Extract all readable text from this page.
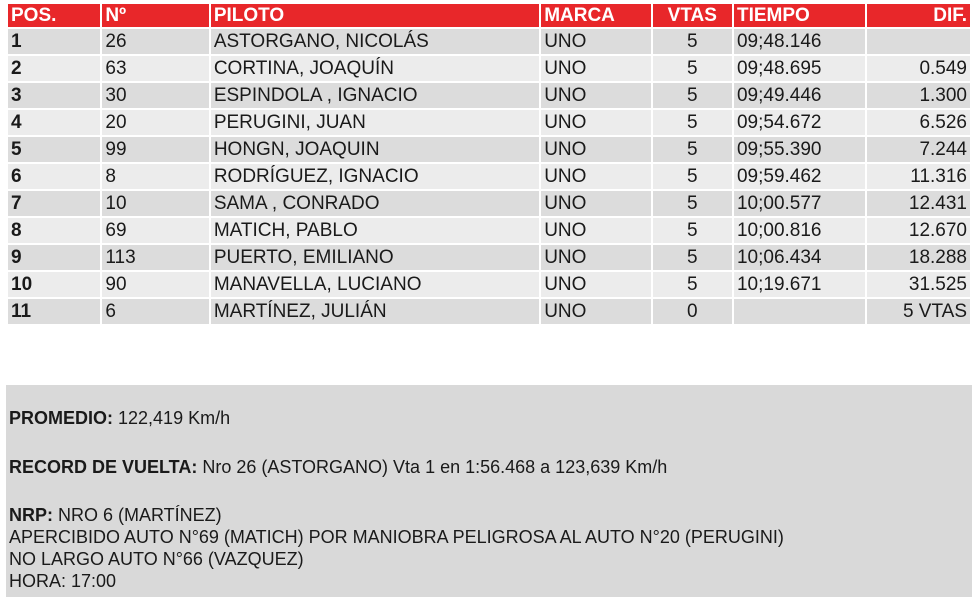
POS.	Nº	PILOTO	MARCA	VTAS	TIEMPO	DIF.
1	26	ASTORGANO, NICOLÁS	UNO	5	09;48.146	
2	63	CORTINA, JOAQUÍN	UNO	5	09;48.695	0.549
3	30	ESPINDOLA , IGNACIO	UNO	5	09;49.446	1.300
4	20	PERUGINI, JUAN	UNO	5	09;54.672	6.526
5	99	HONGN, JOAQUIN	UNO	5	09;55.390	7.244
6	8	RODRÍGUEZ, IGNACIO	UNO	5	09;59.462	11.316
7	10	SAMA , CONRADO	UNO	5	10;00.577	12.431
8	69	MATICH, PABLO	UNO	5	10;00.816	12.670
9	113	PUERTO, EMILIANO	UNO	5	10;06.434	18.288
10	90	MANAVELLA, LUCIANO	UNO	5	10;19.671	31.525
11	6	MARTÍNEZ, JULIÁN	UNO	0		5 VTAS

PROMEDIO: 122,419 Km/h

RECORD DE VUELTA: Nro 26 (ASTORGANO) Vta 1 en 1:56.468 a 123,639 Km/h

NRP: NRO 6 (MARTÍNEZ)

APERCIBIDO AUTO N°69 (MATICH) POR MANIOBRA PELIGROSA AL AUTO N°20 (PERUGINI)

NO LARGO AUTO N°66 (VAZQUEZ)

HORA: 17:00
